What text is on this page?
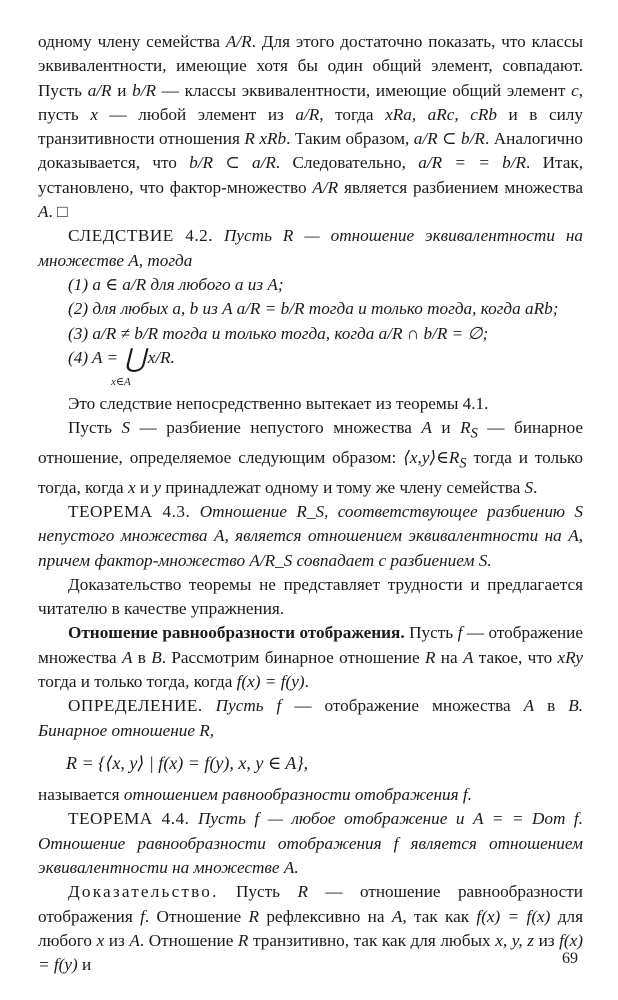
одному члену семейства A/R. Для этого достаточно показать, что классы эквивалентности, имеющие хотя бы один общий элемент, совпадают. Пусть a/R и b/R — классы эквивалентности, имеющие общий элемент c, пусть x — любой элемент из a/R, тогда xRa, aRc, cRb и в силу транзитивности отношения R xRb. Таким образом, a/R ⊂ b/R. Аналогично доказывается, что b/R ⊂ a/R. Следовательно, a/R = = b/R. Итак, установлено, что фактор-множество A/R является разбиением множества A. □

СЛЕДСТВИЕ 4.2. Пусть R — отношение эквивалентности на множестве A, тогда

(1) a ∈ a/R для любого a из A;

(2) для любых a, b из A a/R = b/R тогда и только тогда, когда aRb;

(3) a/R ≠ b/R тогда и только тогда, когда a/R ∩ b/R = ∅;

(4) A = ⋃ x/R.
x∈A

Это следствие непосредственно вытекает из теоремы 4.1.

Пусть S — разбиение непустого множества A и $R_S$ — бинарное отношение, определяемое следующим образом: $⟨x,y⟩\in R_S$ тогда и только тогда, когда x и y принадлежат одному и тому же члену семейства S.

ТЕОРЕМА 4.3. Отношение R_S, соответствующее разбиению S непустого множества A, является отношением эквивалентности на A, причем фактор-множество A/R_S совпадает с разбиением S.

Доказательство теоремы не представляет трудности и предлагается читателю в качестве упражнения.

Отношение равнообразности отображения. Пусть f — отображение множества A в B. Рассмотрим бинарное отношение R на A такое, что xRy тогда и только тогда, когда f(x) = f(y).

ОПРЕДЕЛЕНИЕ. Пусть f — отображение множества A в B. Бинарное отношение R,

R = {⟨x, y⟩ | f(x) = f(y), x, y ∈ A},

называется отношением равнообразности отображения f.

ТЕОРЕМА 4.4. Пусть f — любое отображение и A = = Dom f. Отношение равнообразности отображения f является отношением эквивалентности на множестве A.

Доказательство. Пусть R — отношение равнообразности отображения f. Отношение R рефлексивно на A, так как f(x) = f(x) для любого x из A. Отношение R транзитивно, так как для любых x, y, z из f(x) = f(y) и	69
